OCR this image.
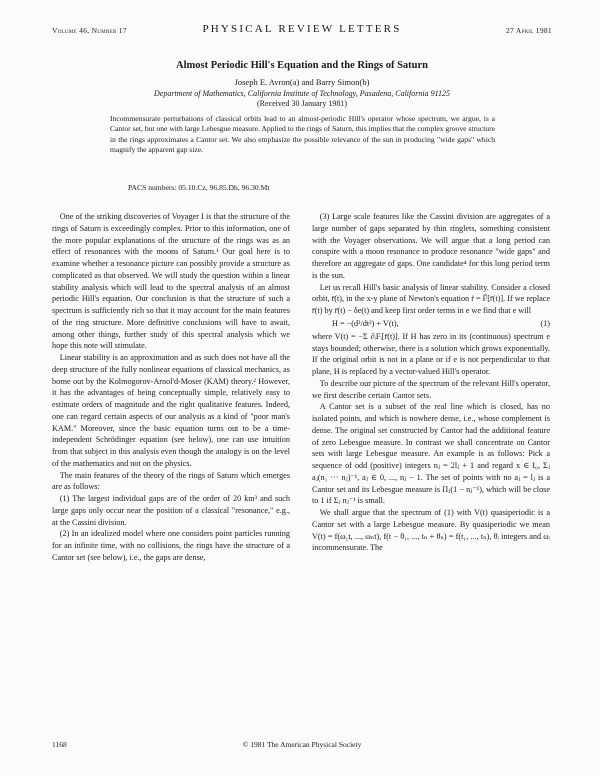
Volume 46, Number 17	PHYSICAL REVIEW LETTERS	27 April 1981
Almost Periodic Hill's Equation and the Rings of Saturn
Joseph E. Avron(a) and Barry Simon(b)
Department of Mathematics, California Institute of Technology, Pasadena, California 91125
(Received 30 January 1981)

Incommensurate perturbations of classical orbits lead to an almost-periodic Hill's operator whose spectrum, we argue, is a Cantor set, but one with large Lebesgue measure. Applied to the rings of Saturn, this implies that the complex groove structure in the rings approximates a Cantor set. We also emphasize the possible relevance of the sun in producing "wide gaps" which magnify the apparent gap size.

PACS numbers: 05.10.Cz, 96.85.Dh, 96.30.Mt

One of the striking discoveries of Voyager I is that the structure of the rings of Saturn is exceedingly complex. Prior to this information, one of the more popular explanations of the structure of the rings was as an effect of resonances with the moons of Saturn.¹ Our goal here is to examine whether a resonance picture can possibly provide a structure as complicated as that observed. We will study the question within a linear stability analysis which will lead to the spectral analysis of an almost periodic Hill's equation. Our conclusion is that the structure of such a spectrum is sufficiently rich so that it may account for the main features of the ring structure. More definitive conclusions will have to await, among other things, further study of this spectral analysis which we hope this note will stimulate.

Linear stability is an approximation and as such does not have all the deep structure of the fully nonlinear equations of classical mechanics, as borne out by the Kolmogorov-Arnol'd-Moser (KAM) theory.² However, it has the advantages of being conceptually simple, relatively easy to estimate orders of magnitude and the right qualitative features. Indeed, one can regard certain aspects of our analysis as a kind of "poor man's KAM." Moreover, since the basic equation turns out to be a time-independent Schrödinger equation (see below), one can use intuition from that subject in this analysis even though the analogy is on the level of the mathematics and not on the physics.

The main features of the theory of the rings of Saturn which emerges are as follows:

(1) The largest individual gaps are of the order of 20 km³ and such large gaps only occur near the position of a classical "resonance," e.g., at the Cassini division.

(2) In an idealized model where one considers point particles running for an infinite time, with no collisions, the rings have the structure of a Cantor set (see below), i.e., the gaps are dense,

(3) Large scale features like the Cassini division are aggregates of a large number of gaps separated by thin ringlets, something consistent with the Voyager observations. We will argue that a long period can conspire with a moon resonance to produce resonance "wide gaps" and therefore an aggregate of gaps. One candidate⁴ for this long period term is the sun.

Let us recall Hill's basic analysis of linear stability. Consider a closed orbit, r̄(t), in the x-y plane of Newton's equation r̈ = F̄[r̄(t)]. If we replace r̄(t) by r̄(t) − δe(t) and keep first order terms in e we find that e will

H = −(d²/dt²) + V(t),	(1)

where V(t) = −Σ ∂ᵢFᵢ[r̄(t)]. If H has zero in its (continuous) spectrum e stays bounded; otherwise, there is a solution which grows exponentially. If the original orbit is not in a plane or if e is not perpendicular to that plane, H is replaced by a vector-valued Hill's operator.

To describe our picture of the spectrum of the relevant Hill's operator, we first describe certain Cantor sets.

A Cantor set is a subset of the real line which is closed, has no isolated points, and which is nowhere dense, i.e., whose complement is dense. The original set constructed by Cantor had the additional feature of zero Lebesgue measure. In contrast we shall concentrate on Cantor sets with large Lebesgue measure. An example is as follows: Pick a sequence of odd (positive) integers nⱼ = 2lⱼ + 1 and regard x ∈ I₀, Σⱼ aⱼ(n₁ ··· nⱼ)⁻¹, aⱼ ∈ 0, ..., nⱼ − 1. The set of points with no aⱼ = lⱼ is a Cantor set and its Lebesgue measure is Πⱼ(1 − nⱼ⁻¹), which will be close to 1 if Σⱼ nⱼ⁻¹ is small.

We shall argue that the spectrum of (1) with V(t) quasiperiodic is a Cantor set with a large Lebesgue measure. By quasiperiodic we mean V(t) = f(ω₁t, ..., ωₙt), f(t − θ₁, ..., tₙ + θₙ) = f(t₁, ..., tₙ), θᵢ integers and ωᵢ incommensurate. The

1168	© 1981 The American Physical Society
